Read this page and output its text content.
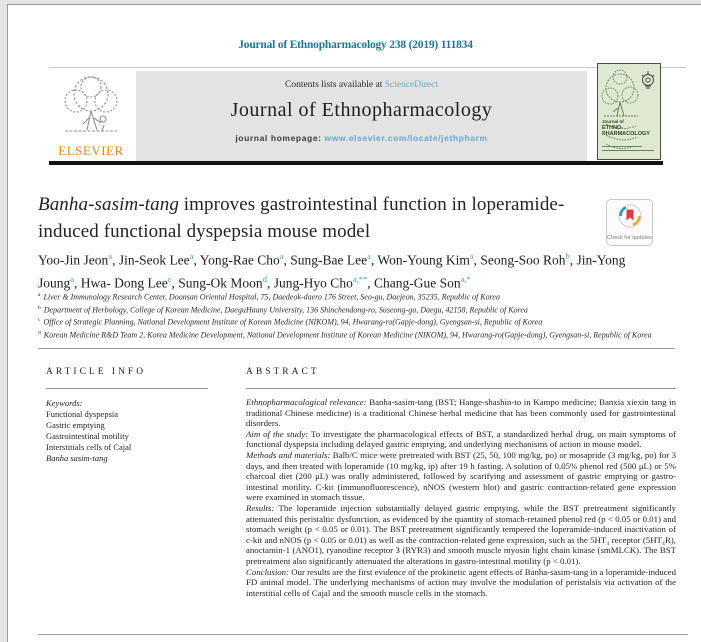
Journal of Ethnopharmacology 238 (2019) 111834
ELSEVIER
Contents lists available at ScienceDirect
Journal of Ethnopharmacology
journal homepage: www.elsevier.com/locate/jethpharm
Journal of
ETHNO-
PHARMACOLOGY
Banha-sasim-tang improves gastrointestinal function in loperamide-induced functional dyspepsia mouse model	Check for updates
Yoo-Jin Jeon$^a$, Jin-Seok Lee$^a$, Yong-Rae Cho$^a$, Sung-Bae Lee$^a$, Won-Young Kim$^a$, Seong-Soo Roh$^b$, Jin-Yong Joung$^a$, Hwa- Dong Lee$^c$, Sung-Ok Moon$^d$, Jung-Hyo Cho$^{a,**}$, Chang-Gue Son$^{a,*}$
$^a$ Liver & Immunology Research Center, Doonsan Oriental Hospital, 75, Daedeok-daero 176 Street, Seo-gu, Daejeon, 35235, Republic of Korea
$^b$ Department of Herbology, College of Korean Medicine, DaeguHaany University, 136 Shinchendong-ro, Suseong-gu, Daegu, 42158, Republic of Korea
$^c$ Office of Strategic Planning, National Development Institute of Korean Medicine (NIKOM), 94, Hwarang-ro(Gapje-dong), Gyengsan-si, Republic of Korea
$^d$ Korean Medicine R&D Team 2, Korea Medicine Development, National Development Institute of Korean Medicine (NIKOM), 94, Hwarang-ro(Gapje-dong), Gyengsan-si, Republic of Korea
ARTICLE INFO
Keywords:
Functional dyspepsia
Gastric emptying
Gastrointestinal motility
Interstitials cells of Cajal
Banha sasim-tang
ABSTRACT
Ethnopharmacological relevance: Banha-sasim-tang (BST; Hange-shashin-to in Kampo medicine; Banxia xiexin tang in traditional Chinese medicine) is a traditional Chinese herbal medicine that has been commonly used for gastrointestinal disorders.
Aim of the study: To investigate the pharmacological effects of BST, a standardized herbal drug, on main symptoms of functional dyspepsia including delayed gastric emptying, and underlying mechanisms of action in mouse model.
Methods and materials: Balb/C mice were pretreated with BST (25, 50, 100 mg/kg, po) or mosapride (3 mg/kg, po) for 3 days, and then treated with loperamide (10 mg/kg, ip) after 19 h fasting. A solution of 0.05% phenol red (500 μL) or 5% charcoal diet (200 μL) was orally administered, followed by scarifying and assessment of gastric emptying or gastro-intestinal motility. C-kit (immunofluorescence), nNOS (western blot) and gastric contraction-related gene expression were examined in stomach tissue.
Results: The loperamide injection substantially delayed gastric emptying, while the BST pretreatment significantly attenuated this peristaltic dysfunction, as evidenced by the quantity of stomach-retained phenol red (p < 0.05 or 0.01) and stomach weight (p < 0.05 or 0.01). The BST pretreatment significantly tempered the loperamide-induced inactivation of c-kit and nNOS (p < 0.05 or 0.01) as well as the contraction-related gene expression, such as the 5HT₄ receptor (5HT₄R), anoctamin-1 (ANO1), ryanodine receptor 3 (RYR3) and smooth muscle myosin light chain kinase (smMLCK). The BST pretreatment also significantly attenuated the alterations in gastro-intestinal motility (p < 0.01).
Conclusion: Our results are the first evidence of the prokinetic agent effects of Banha-sasim-tang in a loperamide-induced FD animal model. The underlying mechanisms of action may involve the modulation of peristalsis via activation of the interstitial cells of Cajal and the smooth muscle cells in the stomach.
